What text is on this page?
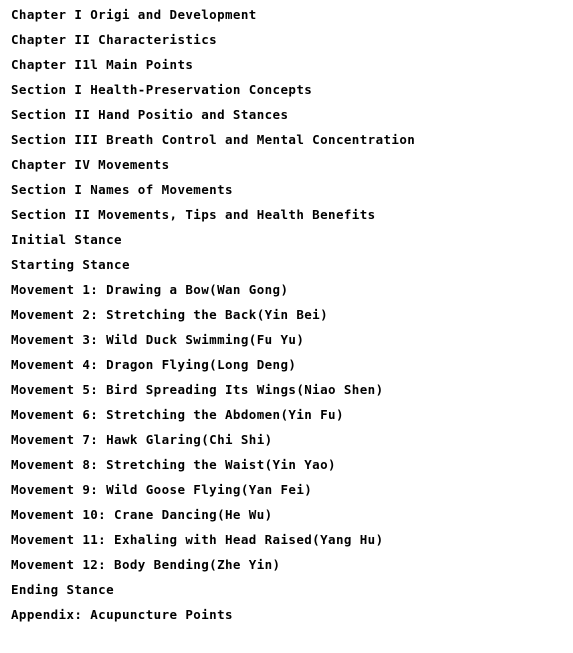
Chapter I Origi and Development
Chapter II Characteristics
Chapter I1l Main Points
Section I Health-Preservation Concepts
Section II Hand Positio and Stances
Section III Breath Control and Mental Concentration
Chapter IV Movements
Section I Names of Movements
Section II Movements, Tips and Health Benefits
Initial Stance
Starting Stance
Movement 1: Drawing a Bow(Wan Gong)
Movement 2: Stretching the Back(Yin Bei)
Movement 3: Wild Duck Swimming(Fu Yu)
Movement 4: Dragon Flying(Long Deng)
Movement 5: Bird Spreading Its Wings(Niao Shen)
Movement 6: Stretching the Abdomen(Yin Fu)
Movement 7: Hawk Glaring(Chi Shi)
Movement 8: Stretching the Waist(Yin Yao)
Movement 9: Wild Goose Flying(Yan Fei)
Movement 10: Crane Dancing(He Wu)
Movement 11: Exhaling with Head Raised(Yang Hu)
Movement 12: Body Bending(Zhe Yin)
Ending Stance
Appendix: Acupuncture Points
